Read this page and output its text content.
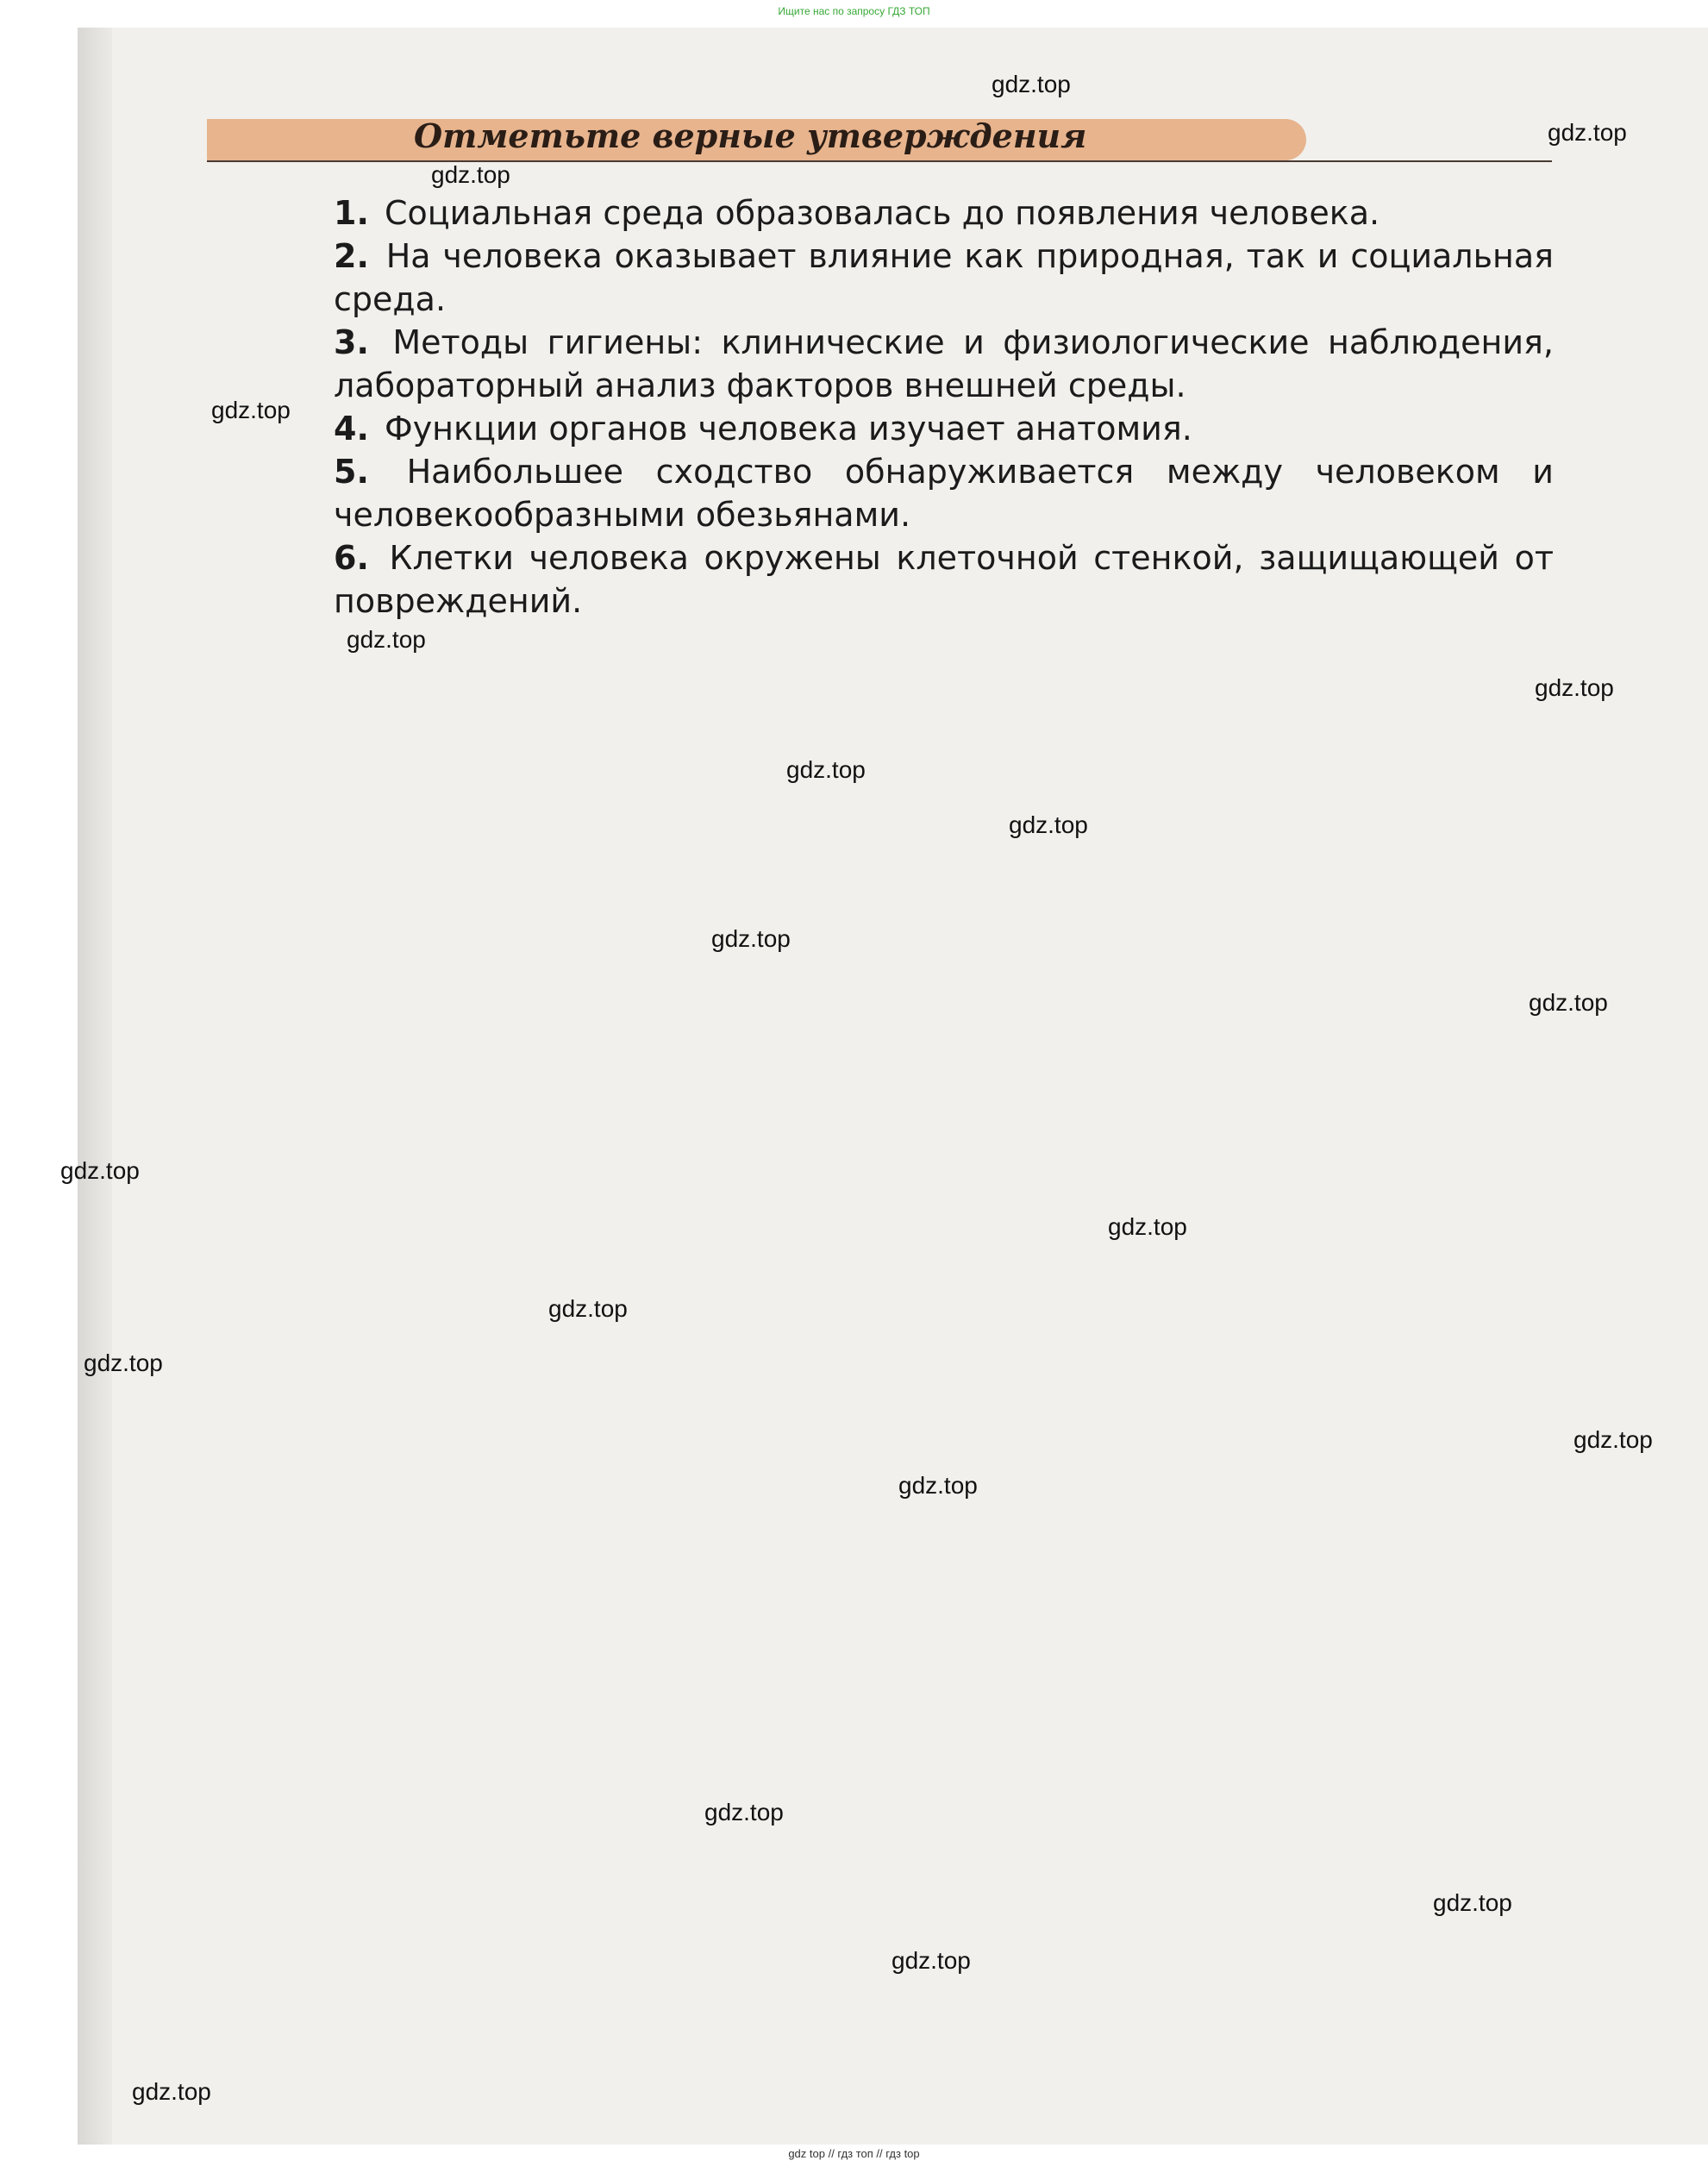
Ищите нас по запросу ГДЗ ТОП

Отметьте верные утверждения
1. Социальная среда образовалась до появления человека.
2. На человека оказывает влияние как природная, так и социальная среда.
3. Методы гигиены: клинические и физиологические наблюдения, лабораторный анализ факторов внешней среды.
4. Функции органов человека изучает анатомия.
5. Наибольшее сходство обнаруживается между человеком и человекообразными обезьянами.
6. Клетки человека окружены клеточной стенкой, защищающей от повреждений.
gdz.top
gdz.top
gdz.top
gdz.top
gdz.top
gdz.top
gdz.top
gdz.top
gdz.top
gdz.top
gdz.top
gdz.top
gdz.top
gdz.top
gdz.top
gdz.top
gdz.top
gdz.top
gdz.top
gdz.top
gdz top // гдз топ // гдз top
